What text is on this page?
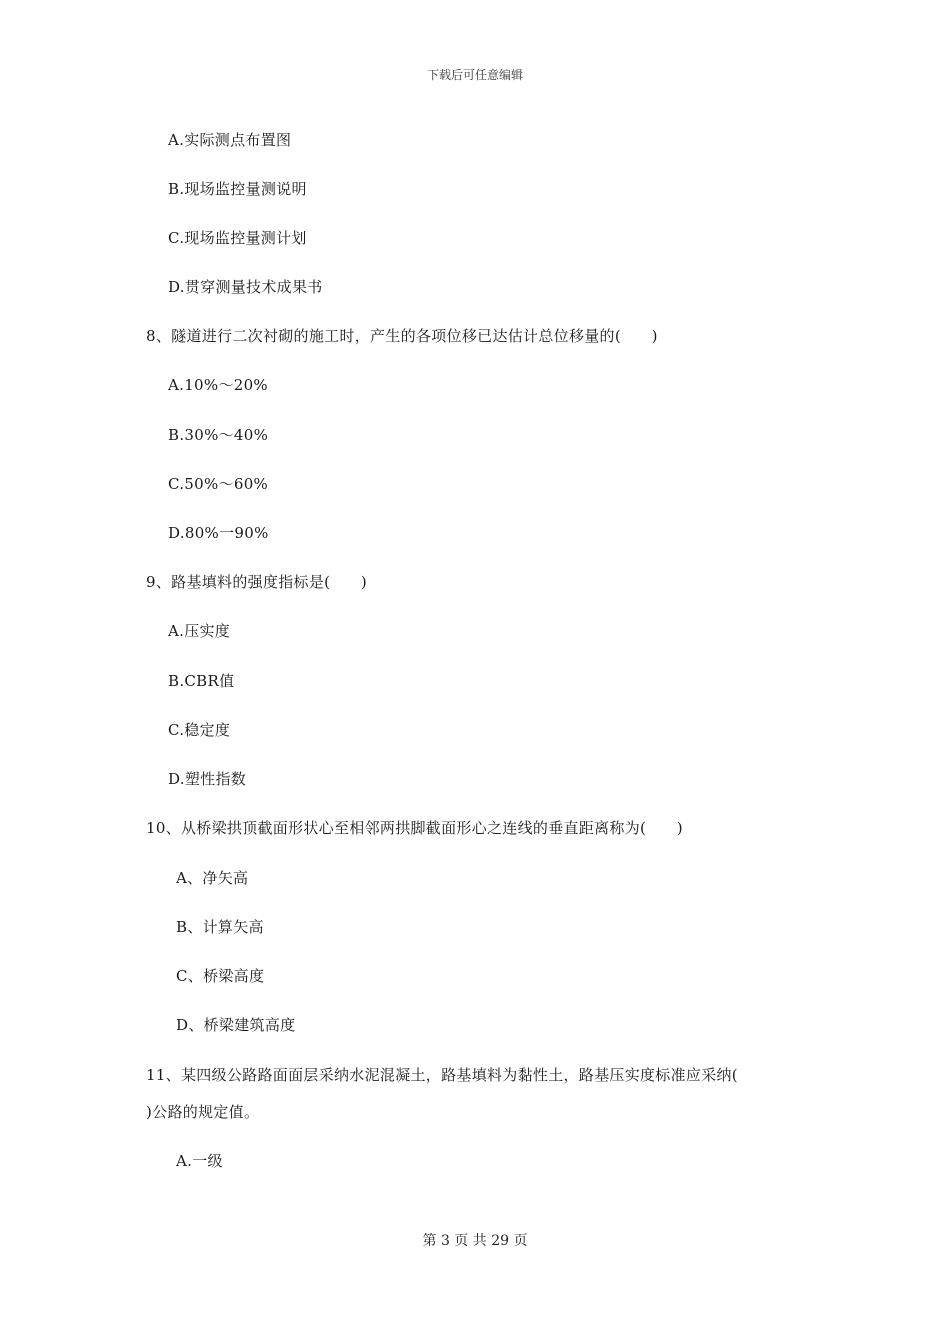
下载后可任意编辑
A.实际测点布置图
B.现场监控量测说明
C.现场监控量测计划
D.贯穿测量技术成果书
8、隧道进行二次衬砌的施工时，产生的各项位移已达估计总位移量的(　　)
A.10%～20%
B.30%～40%
C.50%～60%
D.80%一90%
9、路基填料的强度指标是(　　)
A.压实度
B.CBR值
C.稳定度
D.塑性指数
10、从桥梁拱顶截面形状心至相邻两拱脚截面形心之连线的垂直距离称为(　　)
A、净矢高
B、计算矢高
C、桥梁高度
D、桥梁建筑高度
11、某四级公路路面面层采纳水泥混凝土，路基填料为黏性土，路基压实度标准应采纳(
)公路的规定值。
A.一级
第 3 页 共 29 页
